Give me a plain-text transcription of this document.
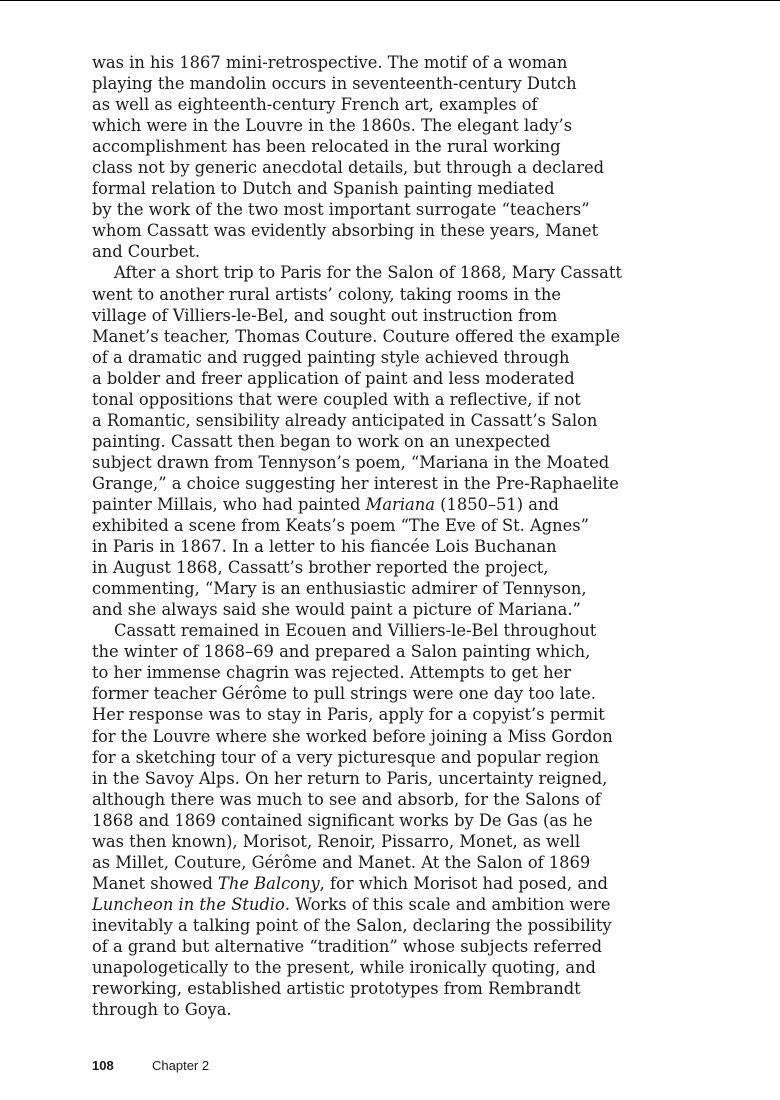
was in his 1867 mini-retrospective. The motif of a woman
playing the mandolin occurs in seventeenth-century Dutch
as well as eighteenth-century French art, examples of
which were in the Louvre in the 1860s. The elegant lady’s
accomplishment has been relocated in the rural working
class not by generic anecdotal details, but through a declared
formal relation to Dutch and Spanish painting mediated
by the work of the two most important surrogate “teachers”
whom Cassatt was evidently absorbing in these years, Manet
and Courbet.
After a short trip to Paris for the Salon of 1868, Mary Cassatt
went to another rural artists’ colony, taking rooms in the
village of Villiers-le-Bel, and sought out instruction from
Manet’s teacher, Thomas Couture. Couture offered the example
of a dramatic and rugged painting style achieved through
a bolder and freer application of paint and less moderated
tonal oppositions that were coupled with a reflective, if not
a Romantic, sensibility already anticipated in Cassatt’s Salon
painting. Cassatt then began to work on an unexpected
subject drawn from Tennyson’s poem, “Mariana in the Moated
Grange,” a choice suggesting her interest in the Pre-Raphaelite
painter Millais, who had painted Mariana (1850–51) and
exhibited a scene from Keats’s poem “The Eve of St. Agnes”
in Paris in 1867. In a letter to his fiancée Lois Buchanan
in August 1868, Cassatt’s brother reported the project,
commenting, “Mary is an enthusiastic admirer of Tennyson,
and she always said she would paint a picture of Mariana.”
Cassatt remained in Ecouen and Villiers-le-Bel throughout
the winter of 1868–69 and prepared a Salon painting which,
to her immense chagrin was rejected. Attempts to get her
former teacher Gérôme to pull strings were one day too late.
Her response was to stay in Paris, apply for a copyist’s permit
for the Louvre where she worked before joining a Miss Gordon
for a sketching tour of a very picturesque and popular region
in the Savoy Alps. On her return to Paris, uncertainty reigned,
although there was much to see and absorb, for the Salons of
1868 and 1869 contained significant works by De Gas (as he
was then known), Morisot, Renoir, Pissarro, Monet, as well
as Millet, Couture, Gérôme and Manet. At the Salon of 1869
Manet showed The Balcony, for which Morisot had posed, and
Luncheon in the Studio. Works of this scale and ambition were
inevitably a talking point of the Salon, declaring the possibility
of a grand but alternative “tradition” whose subjects referred
unapologetically to the present, while ironically quoting, and
reworking, established artistic prototypes from Rembrandt
through to Goya.
108	Chapter 2
